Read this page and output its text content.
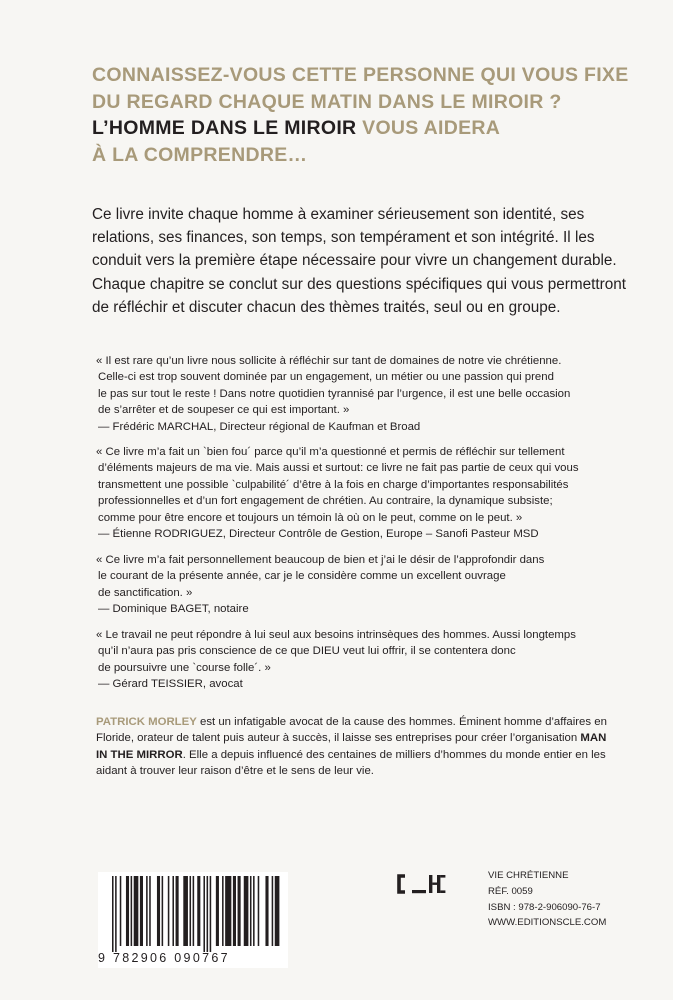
CONNAISSEZ-VOUS CETTE PERSONNE QUI VOUS FIXE
DU REGARD CHAQUE MATIN DANS LE MIROIR ?
L’HOMME DANS LE MIROIR VOUS AIDERA
À LA COMPRENDRE…
Ce livre invite chaque homme à examiner sérieusement son identité, ses
relations, ses finances, son temps, son tempérament et son intégrité. Il les
conduit vers la première étape nécessaire pour vivre un changement durable.
Chaque chapitre se conclut sur des questions spécifiques qui vous permettront
de réfléchir et discuter chacun des thèmes traités, seul ou en groupe.
« Il est rare qu’un livre nous sollicite à réfléchir sur tant de domaines de notre vie chrétienne.
Celle-ci est trop souvent dominée par un engagement, un métier ou une passion qui prend
le pas sur tout le reste ! Dans notre quotidien tyrannisé par l’urgence, il est une belle occasion
de s’arrêter et de soupeser ce qui est important. »
— Frédéric MARCHAL, Directeur régional de Kaufman et Broad
« Ce livre m’a fait un `bien fou´ parce qu’il m’a questionné et permis de réfléchir sur tellement
d’éléments majeurs de ma vie. Mais aussi et surtout: ce livre ne fait pas partie de ceux qui vous
transmettent une possible `culpabilité´ d’être à la fois en charge d’importantes responsabilités
professionnelles et d’un fort engagement de chrétien. Au contraire, la dynamique subsiste;
comme pour être encore et toujours un témoin là où on le peut, comme on le peut. »
— Étienne RODRIGUEZ, Directeur Contrôle de Gestion, Europe – Sanofi Pasteur MSD
« Ce livre m’a fait personnellement beaucoup de bien et j’ai le désir de l’approfondir dans
le courant de la présente année, car je le considère comme un excellent ouvrage
de sanctification. »
— Dominique BAGET, notaire
« Le travail ne peut répondre à lui seul aux besoins intrinsèques des hommes. Aussi longtemps
qu’il n’aura pas pris conscience de ce que DIEU veut lui offrir, il se contentera donc
de poursuivre une `course folle´. »
— Gérard TEISSIER, avocat
PATRICK MORLEY est un infatigable avocat de la cause des hommes. Éminent homme d’affaires en
Floride, orateur de talent puis auteur à succès, il laisse ses entreprises pour créer l’organisation MAN
IN THE MIRROR. Elle a depuis influencé des centaines de milliers d’hommes du monde entier en les
aidant à trouver leur raison d’être et le sens de leur vie.
9 782906 090767
VIE CHRÉTIENNE
RÉF. 0059
ISBN : 978-2-906090-76-7
WWW.EDITIONSCLE.COM
